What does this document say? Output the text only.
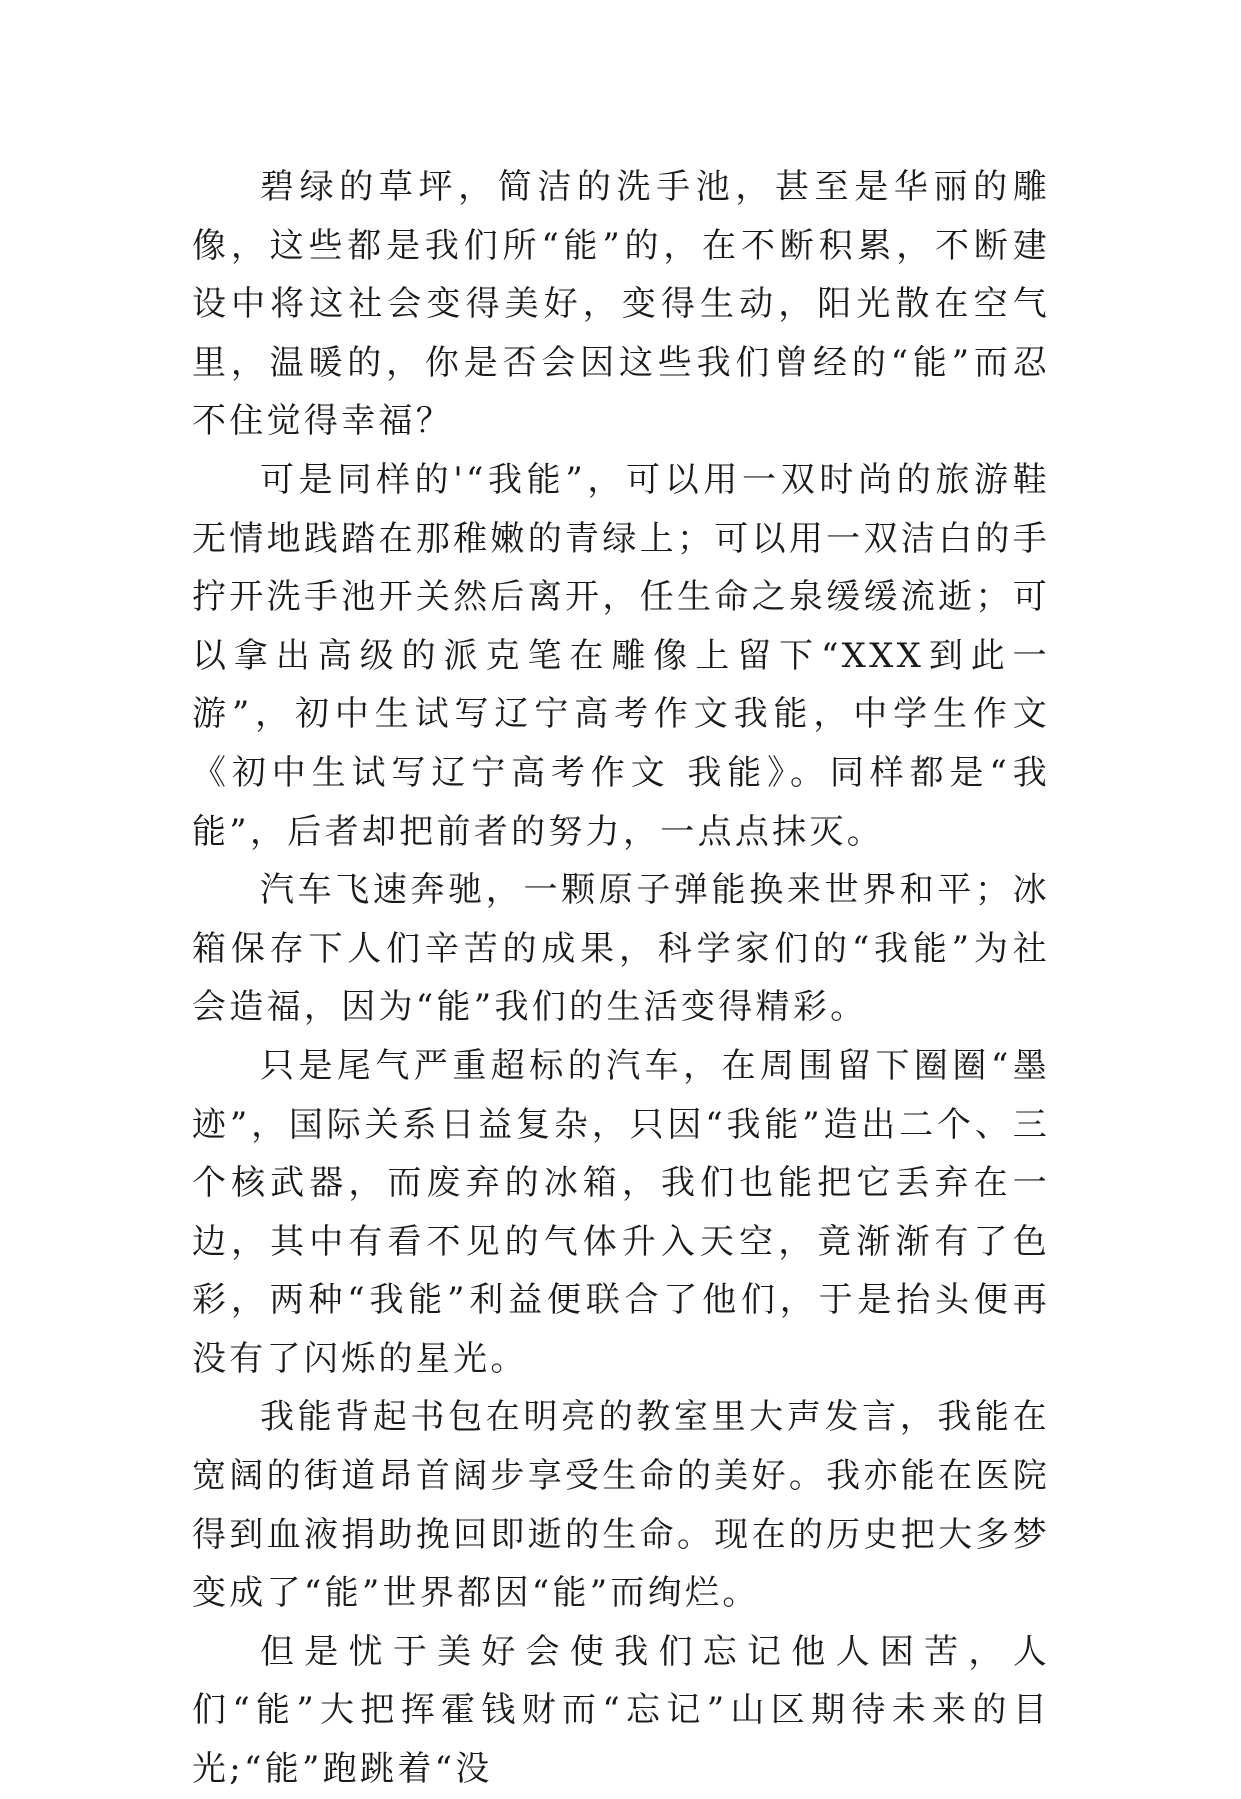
碧绿的草坪，简洁的洗手池，甚至是华丽的雕像，这些都是我们所“能”的，在不断积累，不断建设中将这社会变得美好，变得生动，阳光散在空气里，温暖的，你是否会因这些我们曾经的“能”而忍不住觉得幸福？

可是同样的'“我能”，可以用一双时尚的旅游鞋无情地践踏在那稚嫩的青绿上；可以用一双洁白的手拧开洗手池开关然后离开，任生命之泉缓缓流逝；可以拿出高级的派克笔在雕像上留下“XXX到此一游”，初中生试写辽宁高考作文我能，中学生作文《初中生试写辽宁高考作文 我能》。同样都是“我能”，后者却把前者的努力，一点点抹灭。

汽车飞速奔驰，一颗原子弹能换来世界和平；冰箱保存下人们辛苦的成果，科学家们的“我能”为社会造福，因为“能”我们的生活变得精彩。

只是尾气严重超标的汽车，在周围留下圈圈“墨迹”，国际关系日益复杂，只因“我能”造出二个、三个核武器，而废弃的冰箱，我们也能把它丢弃在一边，其中有看不见的气体升入天空，竟渐渐有了色彩，两种“我能”利益便联合了他们，于是抬头便再没有了闪烁的星光。

我能背起书包在明亮的教室里大声发言，我能在宽阔的街道昂首阔步享受生命的美好。我亦能在医院得到血液捐助挽回即逝的生命。现在的历史把大多梦变成了“能”世界都因“能”而绚烂。

但是忧于美好会使我们忘记他人困苦，人们“能”大把挥霍钱财而“忘记”山区期待未来的目光;“能”跑跳着“没
